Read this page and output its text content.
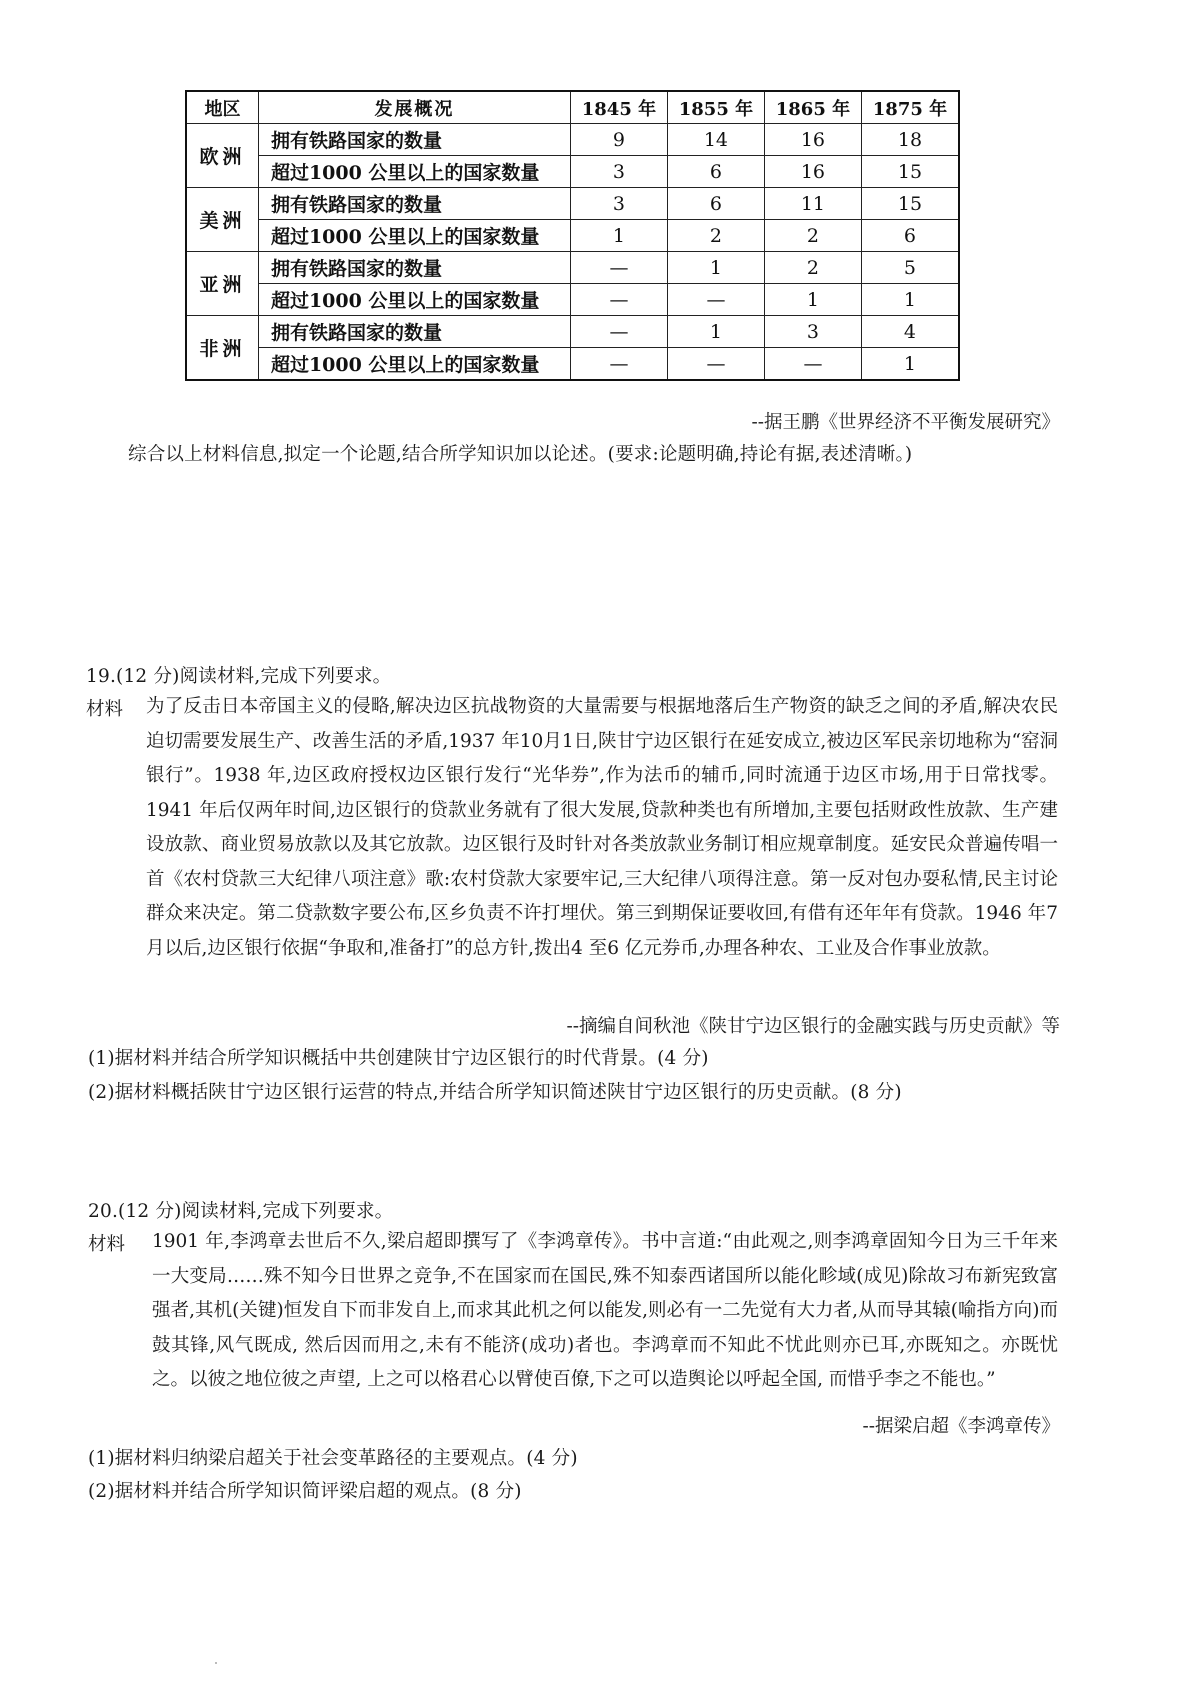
地区	发展概况	1845 年	1855 年	1865 年	1875 年
欧洲	拥有铁路国家的数量	9	14	16	18
	超过1000 公里以上的国家数量	3	6	16	15
美洲	拥有铁路国家的数量	3	6	11	15
	超过1000 公里以上的国家数量	1	2	2	6
亚洲	拥有铁路国家的数量	—	1	2	5
	超过1000 公里以上的国家数量	—	—	1	1
非洲	拥有铁路国家的数量	—	1	3	4
	超过1000 公里以上的国家数量	—	—	—	1
--据王鹏《世界经济不平衡发展研究》
综合以上材料信息,拟定一个论题,结合所学知识加以论述。(要求:论题明确,持论有据,表述清晰。)
19.(12 分)阅读材料,完成下列要求。
材料 为了反击日本帝国主义的侵略,解决边区抗战物资的大量需要与根据地落后生产物资的缺乏之间的矛盾,解决农民迫切需要发展生产、改善生活的矛盾,1937 年10月1日,陕甘宁边区银行在延安成立,被边区军民亲切地称为“窑洞银行”。1938 年,边区政府授权边区银行发行“光华券”,作为法币的辅币,同时流通于边区市场,用于日常找零。1941 年后仅两年时间,边区银行的贷款业务就有了很大发展,贷款种类也有所增加,主要包括财政性放款、生产建设放款、商业贸易放款以及其它放款。边区银行及时针对各类放款业务制订相应规章制度。延安民众普遍传唱一首《农村贷款三大纪律八项注意》歌:农村贷款大家要牢记,三大纪律八项得注意。第一反对包办耍私情,民主讨论群众来决定。第二贷款数字要公布,区乡负责不许打埋伏。第三到期保证要收回,有借有还年年有贷款。1946 年7月以后,边区银行依据“争取和,准备打”的总方针,拨出4 至6 亿元券币,办理各种农、工业及合作事业放款。
--摘编自间秋池《陕甘宁边区银行的金融实践与历史贡献》等
(1)据材料并结合所学知识概括中共创建陕甘宁边区银行的时代背景。(4 分)
(2)据材料概括陕甘宁边区银行运营的特点,并结合所学知识简述陕甘宁边区银行的历史贡献。(8 分)
20.(12 分)阅读材料,完成下列要求。
材料 1901 年,李鸿章去世后不久,梁启超即撰写了《李鸿章传》。书中言道:“由此观之,则李鸿章固知今日为三千年来一大变局……殊不知今日世界之竞争,不在国家而在国民,殊不知泰西诸国所以能化畛域(成见)除故习布新宪致富强者,其机(关键)恒发自下而非发自上,而求其此机之何以能发,则必有一二先觉有大力者,从而导其辕(喻指方向)而鼓其锋,风气既成, 然后因而用之,未有不能济(成功)者也。李鸿章而不知此不忧此则亦已耳,亦既知之。亦既忧之。以彼之地位彼之声望, 上之可以格君心以臂使百僚,下之可以造舆论以呼起全国, 而惜乎李之不能也。”
--据梁启超《李鸿章传》
(1)据材料归纳梁启超关于社会变革路径的主要观点。(4 分)
(2)据材料并结合所学知识简评梁启超的观点。(8 分)
